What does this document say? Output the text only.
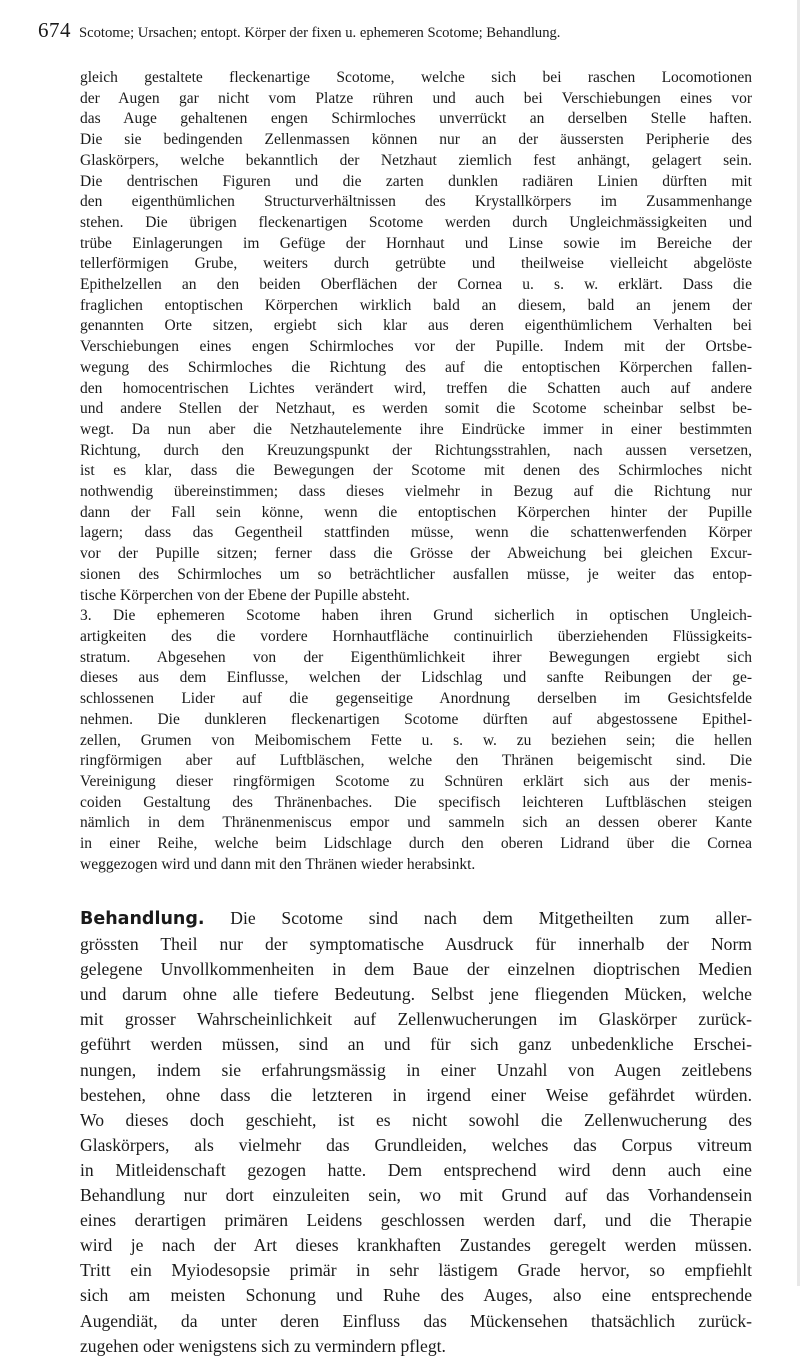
674 Scotome; Ursachen; entopt. Körper der fixen u. ephemeren Scotome; Behandlung.
gleich gestaltete fleckenartige Scotome, welche sich bei raschen Locomotionen
der Augen gar nicht vom Platze rühren und auch bei Verschiebungen eines vor
das Auge gehaltenen engen Schirmloches unverrückt an derselben Stelle haften.
Die sie bedingenden Zellenmassen können nur an der äussersten Peripherie des
Glaskörpers, welche bekanntlich der Netzhaut ziemlich fest anhängt, gelagert sein.
Die dentrischen Figuren und die zarten dunklen radiären Linien dürften mit
den eigenthümlichen Structurverhältnissen des Krystallkörpers im Zusammenhange
stehen. Die übrigen fleckenartigen Scotome werden durch Ungleichmässigkeiten und
trübe Einlagerungen im Gefüge der Hornhaut und Linse sowie im Bereiche der
tellerförmigen Grube, weiters durch getrübte und theilweise vielleicht abgelöste
Epithelzellen an den beiden Oberflächen der Cornea u. s. w. erklärt. Dass die
fraglichen entoptischen Körperchen wirklich bald an diesem, bald an jenem der
genannten Orte sitzen, ergiebt sich klar aus deren eigenthümlichem Verhalten bei
Verschiebungen eines engen Schirmloches vor der Pupille. Indem mit der Ortsbe-
wegung des Schirmloches die Richtung des auf die entoptischen Körperchen fallen-
den homocentrischen Lichtes verändert wird, treffen die Schatten auch auf andere
und andere Stellen der Netzhaut, es werden somit die Scotome scheinbar selbst be-
wegt. Da nun aber die Netzhautelemente ihre Eindrücke immer in einer bestimmten
Richtung, durch den Kreuzungspunkt der Richtungsstrahlen, nach aussen versetzen,
ist es klar, dass die Bewegungen der Scotome mit denen des Schirmloches nicht
nothwendig übereinstimmen; dass dieses vielmehr in Bezug auf die Richtung nur
dann der Fall sein könne, wenn die entoptischen Körperchen hinter der Pupille
lagern; dass das Gegentheil stattfinden müsse, wenn die schattenwerfenden Körper
vor der Pupille sitzen; ferner dass die Grösse der Abweichung bei gleichen Excur-
sionen des Schirmloches um so beträchtlicher ausfallen müsse, je weiter das entop-
tische Körperchen von der Ebene der Pupille absteht.
3. Die ephemeren Scotome haben ihren Grund sicherlich in optischen Ungleich-
artigkeiten des die vordere Hornhautfläche continuirlich überziehenden Flüssigkeits-
stratum. Abgesehen von der Eigenthümlichkeit ihrer Bewegungen ergiebt sich
dieses aus dem Einflusse, welchen der Lidschlag und sanfte Reibungen der ge-
schlossenen Lider auf die gegenseitige Anordnung derselben im Gesichtsfelde
nehmen. Die dunkleren fleckenartigen Scotome dürften auf abgestossene Epithel-
zellen, Grumen von Meibomischem Fette u. s. w. zu beziehen sein; die hellen
ringförmigen aber auf Luftbläschen, welche den Thränen beigemischt sind. Die
Vereinigung dieser ringförmigen Scotome zu Schnüren erklärt sich aus der menis-
coiden Gestaltung des Thränenbaches. Die specifisch leichteren Luftbläschen steigen
nämlich in dem Thränenmeniscus empor und sammeln sich an dessen oberer Kante
in einer Reihe, welche beim Lidschlage durch den oberen Lidrand über die Cornea
weggezogen wird und dann mit den Thränen wieder herabsinkt.
Behandlung. Die Scotome sind nach dem Mitgetheilten zum aller-
grössten Theil nur der symptomatische Ausdruck für innerhalb der Norm
gelegene Unvollkommenheiten in dem Baue der einzelnen dioptrischen Medien
und darum ohne alle tiefere Bedeutung. Selbst jene fliegenden Mücken, welche
mit grosser Wahrscheinlichkeit auf Zellenwucherungen im Glaskörper zurück-
geführt werden müssen, sind an und für sich ganz unbedenkliche Erschei-
nungen, indem sie erfahrungsmässig in einer Unzahl von Augen zeitlebens
bestehen, ohne dass die letzteren in irgend einer Weise gefährdet würden.
Wo dieses doch geschieht, ist es nicht sowohl die Zellenwucherung des
Glaskörpers, als vielmehr das Grundleiden, welches das Corpus vitreum
in Mitleidenschaft gezogen hatte. Dem entsprechend wird denn auch eine
Behandlung nur dort einzuleiten sein, wo mit Grund auf das Vorhandensein
eines derartigen primären Leidens geschlossen werden darf, und die Therapie
wird je nach der Art dieses krankhaften Zustandes geregelt werden müssen.
Tritt ein Myiodesopsie primär in sehr lästigem Grade hervor, so empfiehlt
sich am meisten Schonung und Ruhe des Auges, also eine entsprechende
Augendiät, da unter deren Einfluss das Mückensehen thatsächlich zurück-
zugehen oder wenigstens sich zu vermindern pflegt.
